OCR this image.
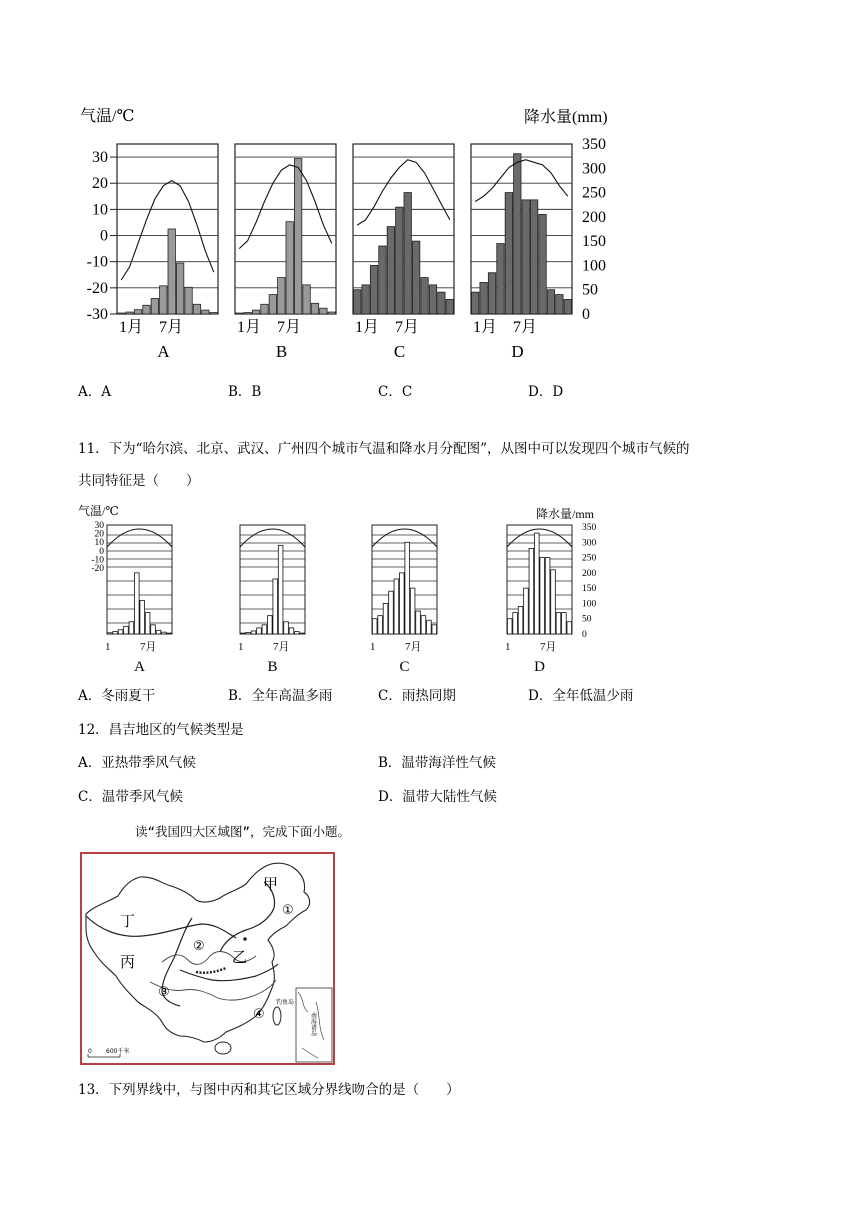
气温/℃	降水量(mm)
30
20
10
0
-10
-20
-30
350
300
250
200
150
100
50
0
1月 7月
A
1月 7月
B
1月 7月
C
1月 7月
D
A．A	B．B	C．C	D．D
11．下为“哈尔滨、北京、武汉、广州四个城市气温和降水月分配图”，从图中可以发现四个城市气候的
共同特征是（　　）
气温/℃	降水量/mm
30
20
10
0
-10
-20
350
300
250
200
150
100
50
0
1	7月
A
1	7月
B
1	7月
C
1	7月
D
A．冬雨夏干	B．全年高温多雨	C．雨热同期	D．全年低温少雨
12．昌吉地区的气候类型是
A．亚热带季风气候	B．温带海洋性气候
C．温带季风气候	D．温带大陆性气候
读“我国四大区域图”，完成下面小题。
甲
乙
丙
丁
①
②
③
④
钓鱼岛
南海诸岛
0 600千米
13．下列界线中，与图中丙和其它区域分界线吻合的是（　　）
